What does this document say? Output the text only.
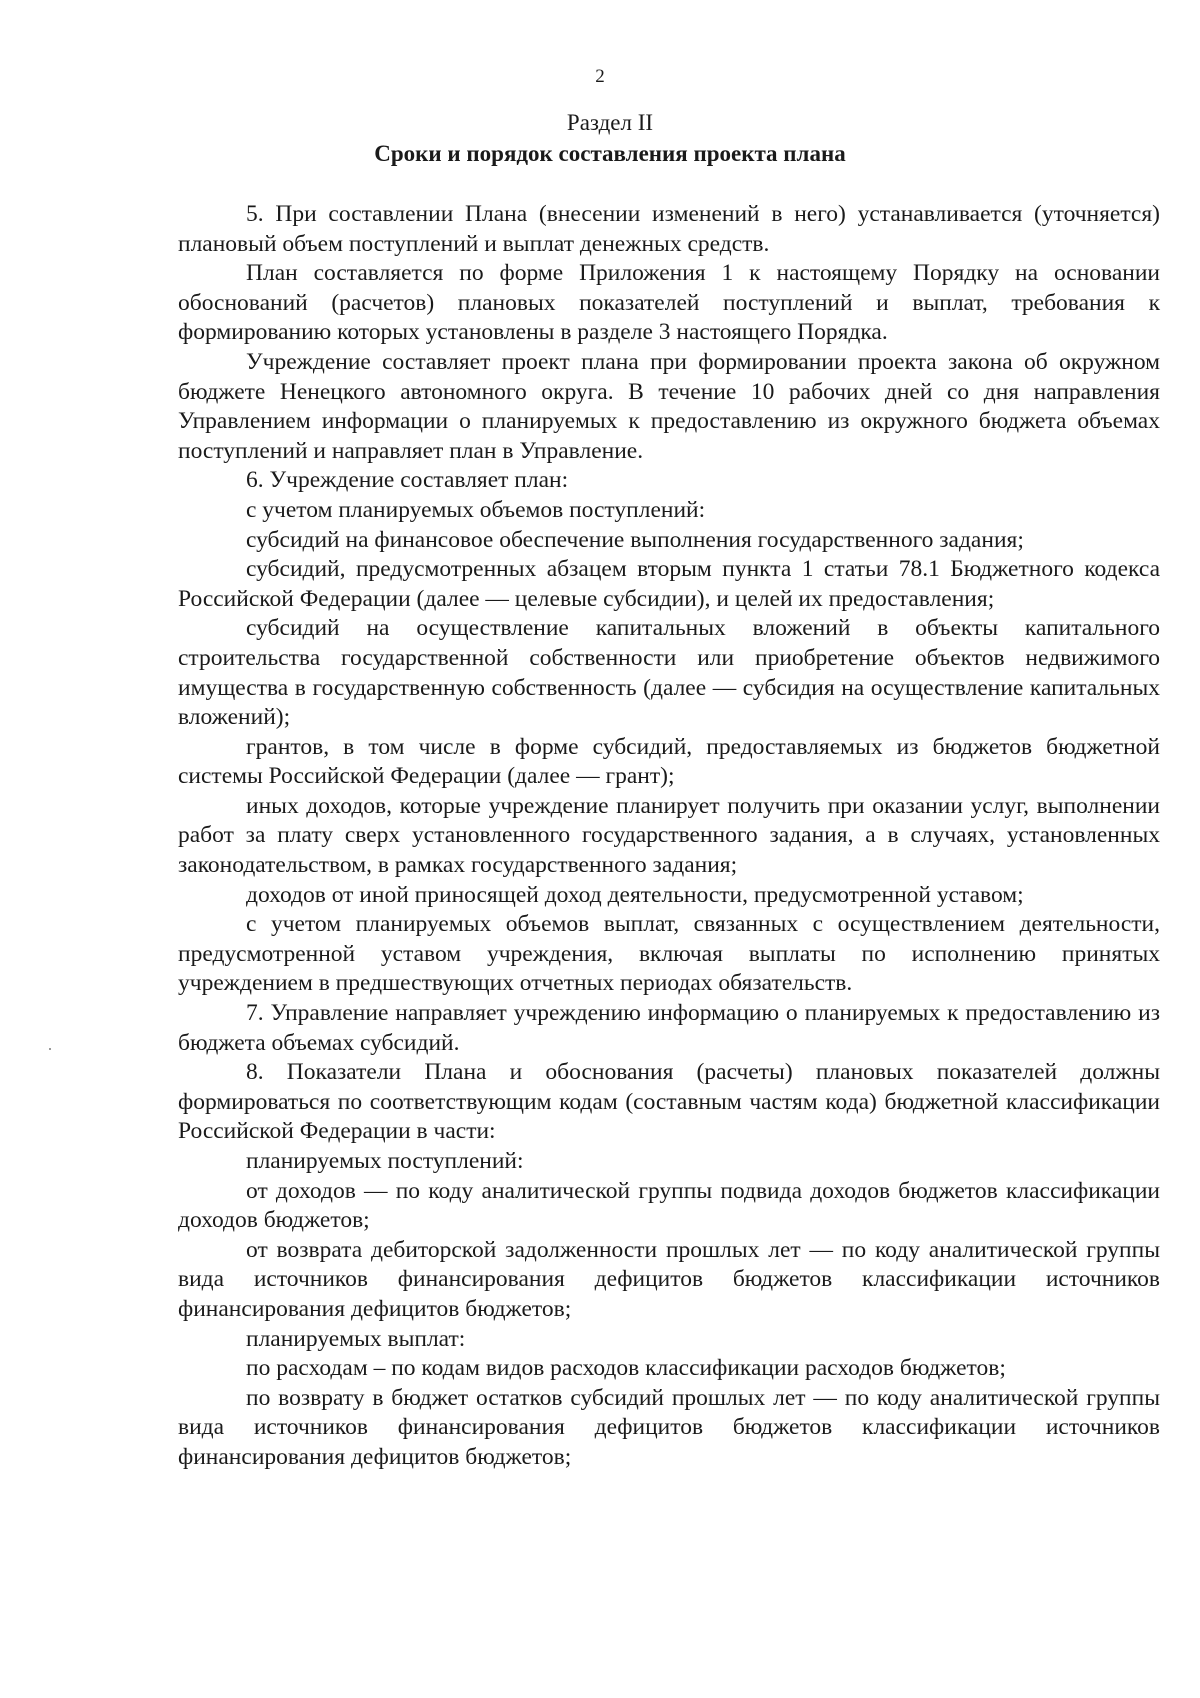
2
Раздел II
Сроки и порядок составления проекта плана

5. При составлении Плана (внесении изменений в него) устанавливается (уточняется) плановый объем поступлений и выплат денежных средств.

План составляется по форме Приложения 1 к настоящему Порядку на основании обоснований (расчетов) плановых показателей поступлений и выплат, требования к формированию которых установлены в разделе 3 настоящего Порядка.

Учреждение составляет проект плана при формировании проекта закона об окружном бюджете Ненецкого автономного округа. В течение 10 рабочих дней со дня направления Управлением информации о планируемых к предоставлению из окружного бюджета объемах поступлений и направляет план в Управление.

6. Учреждение составляет план:

с учетом планируемых объемов поступлений:

субсидий на финансовое обеспечение выполнения государственного задания;

субсидий, предусмотренных абзацем вторым пункта 1 статьи 78.1 Бюджетного кодекса Российской Федерации (далее — целевые субсидии), и целей их предоставления;

субсидий на осуществление капитальных вложений в объекты капитального строительства государственной собственности или приобретение объектов недвижимого имущества в государственную собственность (далее — субсидия на осуществление капитальных вложений);

грантов, в том числе в форме субсидий, предоставляемых из бюджетов бюджетной системы Российской Федерации (далее — грант);

иных доходов, которые учреждение планирует получить при оказании услуг, выполнении работ за плату сверх установленного государственного задания, а в случаях, установленных законодательством, в рамках государственного задания;

доходов от иной приносящей доход деятельности, предусмотренной уставом;

с учетом планируемых объемов выплат, связанных с осуществлением деятельности, предусмотренной уставом учреждения, включая выплаты по исполнению принятых учреждением в предшествующих отчетных периодах обязательств.

7. Управление направляет учреждению информацию о планируемых к предоставлению из бюджета объемах субсидий.

8. Показатели Плана и обоснования (расчеты) плановых показателей должны формироваться по соответствующим кодам (составным частям кода) бюджетной классификации Российской Федерации в части:

планируемых поступлений:

от доходов — по коду аналитической группы подвида доходов бюджетов классификации доходов бюджетов;

от возврата дебиторской задолженности прошлых лет — по коду аналитической группы вида источников финансирования дефицитов бюджетов классификации источников финансирования дефицитов бюджетов;

планируемых выплат:

по расходам – по кодам видов расходов классификации расходов бюджетов;

по возврату в бюджет остатков субсидий прошлых лет — по коду аналитической группы вида источников финансирования дефицитов бюджетов классификации источников финансирования дефицитов бюджетов;
